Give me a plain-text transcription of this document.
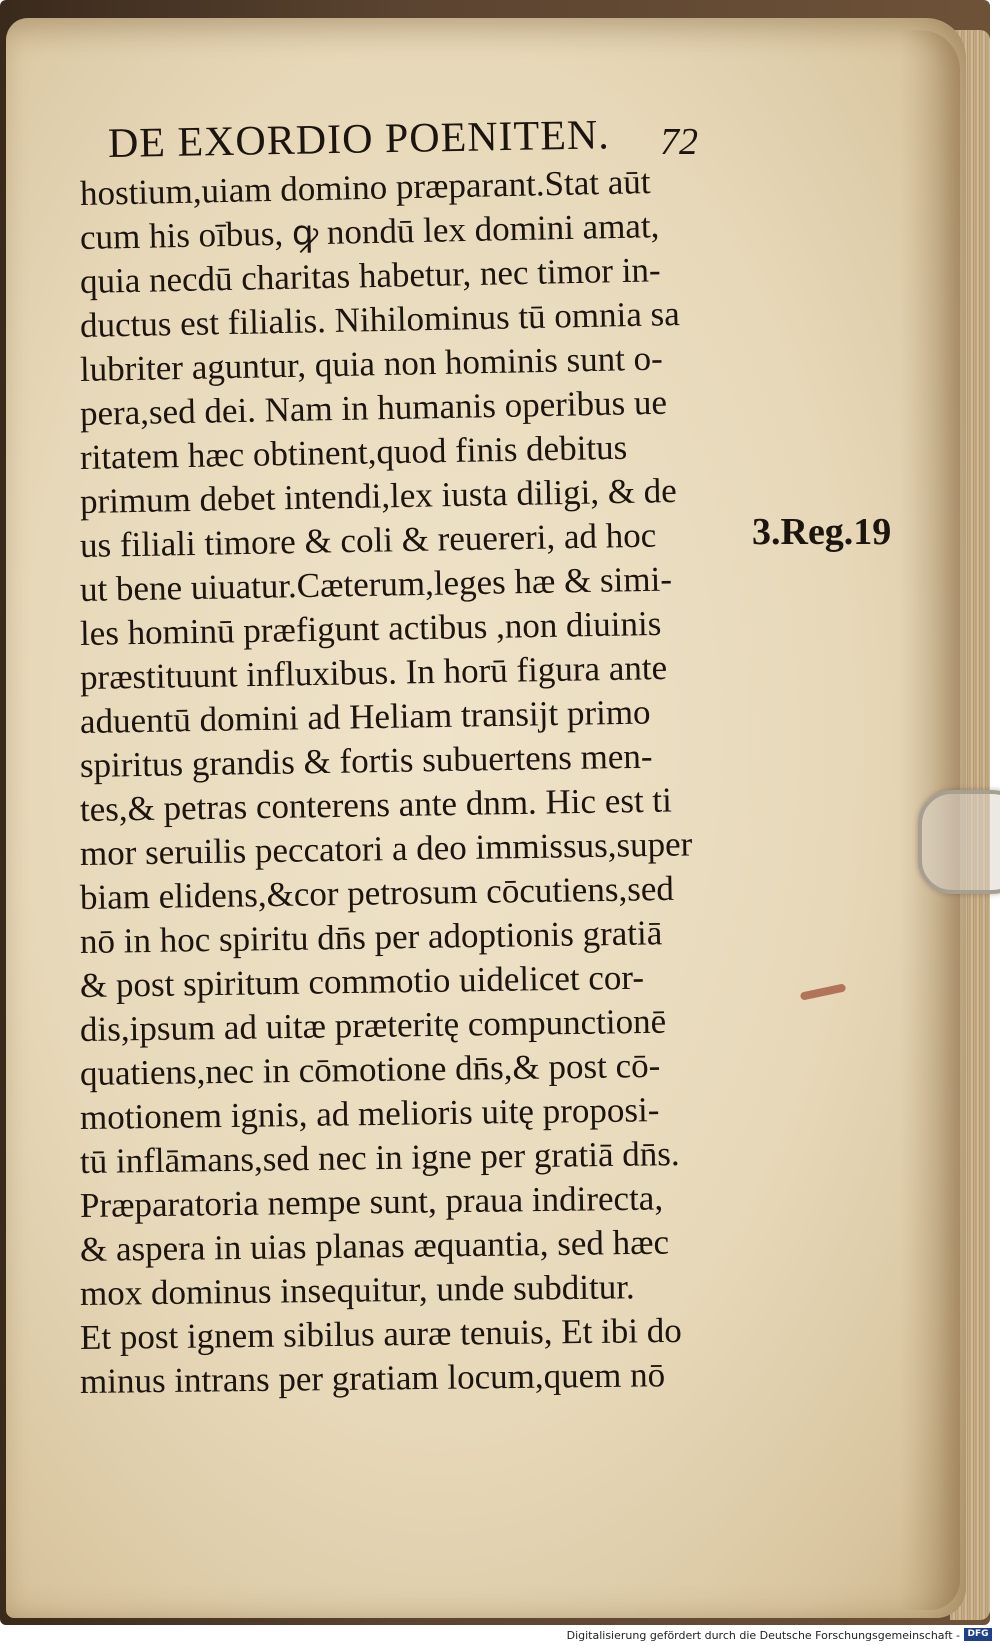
DE EXORDIO POENITEN.	72
hostium,uiam domino præparant.Stat aūt
cum his oībus, ꝙ nondū lex domini amat,
quia necdū charitas habetur, nec timor in-
ductus est filialis. Nihilominus tū omnia sa
lubriter aguntur, quia non hominis sunt o-
pera,sed dei. Nam in humanis operibus ue
ritatem hæc obtinent,quod finis debitus
primum debet intendi,lex iusta diligi, & de
us filiali timore & coli & reuereri, ad hoc
ut bene uiuatur.Cæterum,leges hæ & simi-
les hominū præfigunt actibus ,non diuinis
præstituunt influxibus. In horū figura ante
aduentū domini ad Heliam transijt primo
spiritus grandis & fortis subuertens men-
tes,& petras conterens ante dnm. Hic est ti
mor seruilis peccatori a deo immissus,super
biam elidens,&cor petrosum cōcutiens,sed
nō in hoc spiritu dn̄s per adoptionis gratiā
& post spiritum commotio uidelicet cor-
dis,ipsum ad uitæ præteritę compunctionē
quatiens,nec in cōmotione dn̄s,& post cō-
motionem ignis, ad melioris uitę proposi-
tū inflāmans,sed nec in igne per gratiā dn̄s.
Præparatoria nempe sunt, praua indirecta,
& aspera in uias planas æquantia, sed hæc
mox dominus insequitur, unde subditur.
Et post ignem sibilus auræ tenuis, Et ibi do
minus intrans per gratiam locum,quem nō
3.Reg.19
Digitalisierung gefördert durch die Deutsche Forschungsgemeinschaft - DFG
